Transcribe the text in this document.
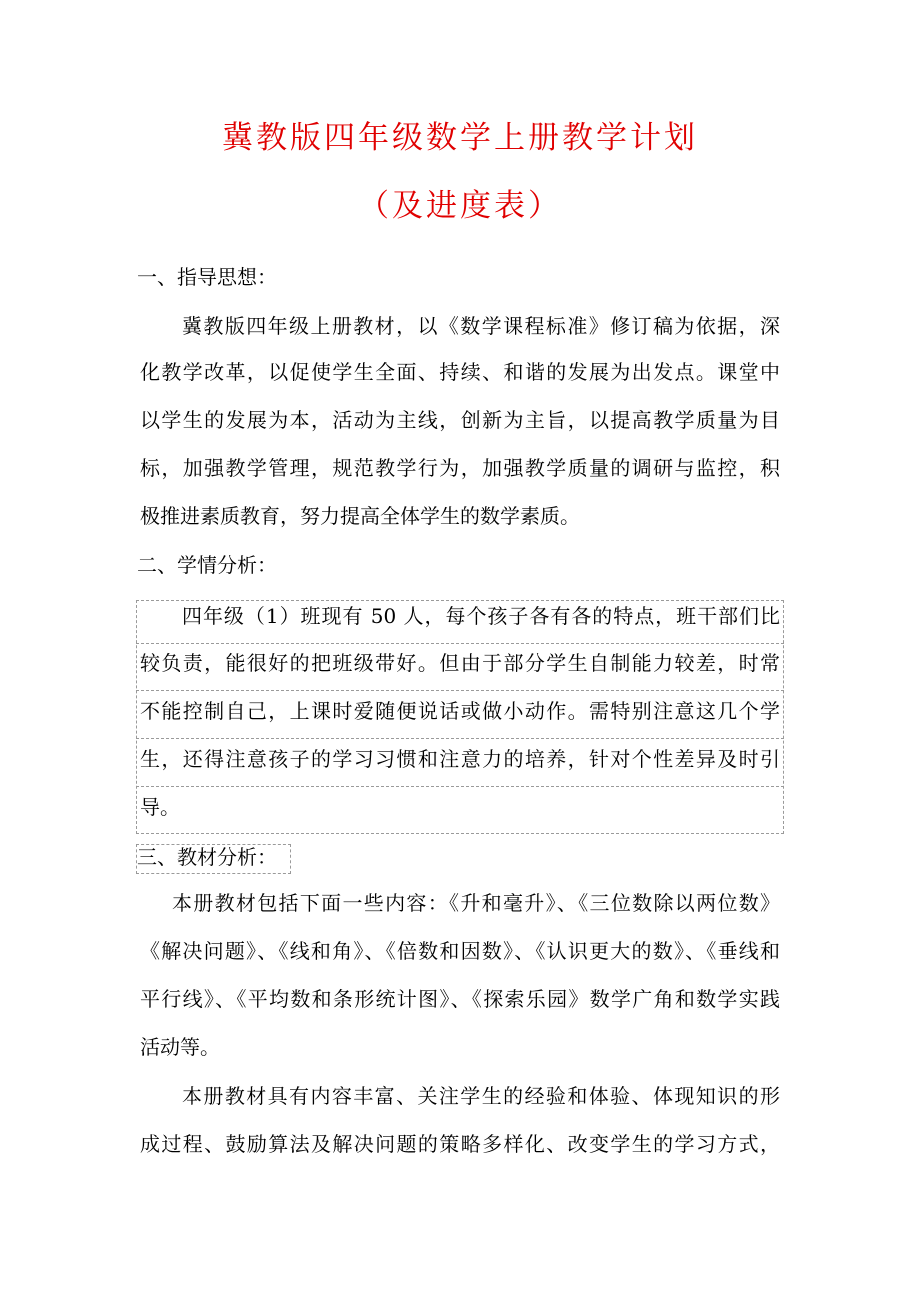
冀教版四年级数学上册教学计划
（及进度表）
一、指导思想：

冀教版四年级上册教材，以《数学课程标准》修订稿为依据，深

化教学改革，以促使学生全面、持续、和谐的发展为出发点。课堂中

以学生的发展为本，活动为主线，创新为主旨，以提高教学质量为目

标，加强教学管理，规范教学行为，加强教学质量的调研与监控，积

极推进素质教育，努力提高全体学生的数学素质。

二、学情分析：

四年级（1）班现有 50 人，每个孩子各有各的特点，班干部们比

较负责，能很好的把班级带好。但由于部分学生自制能力较差，时常

不能控制自己，上课时爱随便说话或做小动作。需特别注意这几个学

生，还得注意孩子的学习习惯和注意力的培养，针对个性差异及时引

导。

三、教材分析：

本册教材包括下面一些内容：《升和毫升》、《三位数除以两位数》

《解决问题》、《线和角》、《倍数和因数》、《认识更大的数》、《垂线和

平行线》、《平均数和条形统计图》、《探索乐园》数学广角和数学实践

活动等。

本册教材具有内容丰富、关注学生的经验和体验、体现知识的形

成过程、鼓励算法及解决问题的策略多样化、改变学生的学习方式，
